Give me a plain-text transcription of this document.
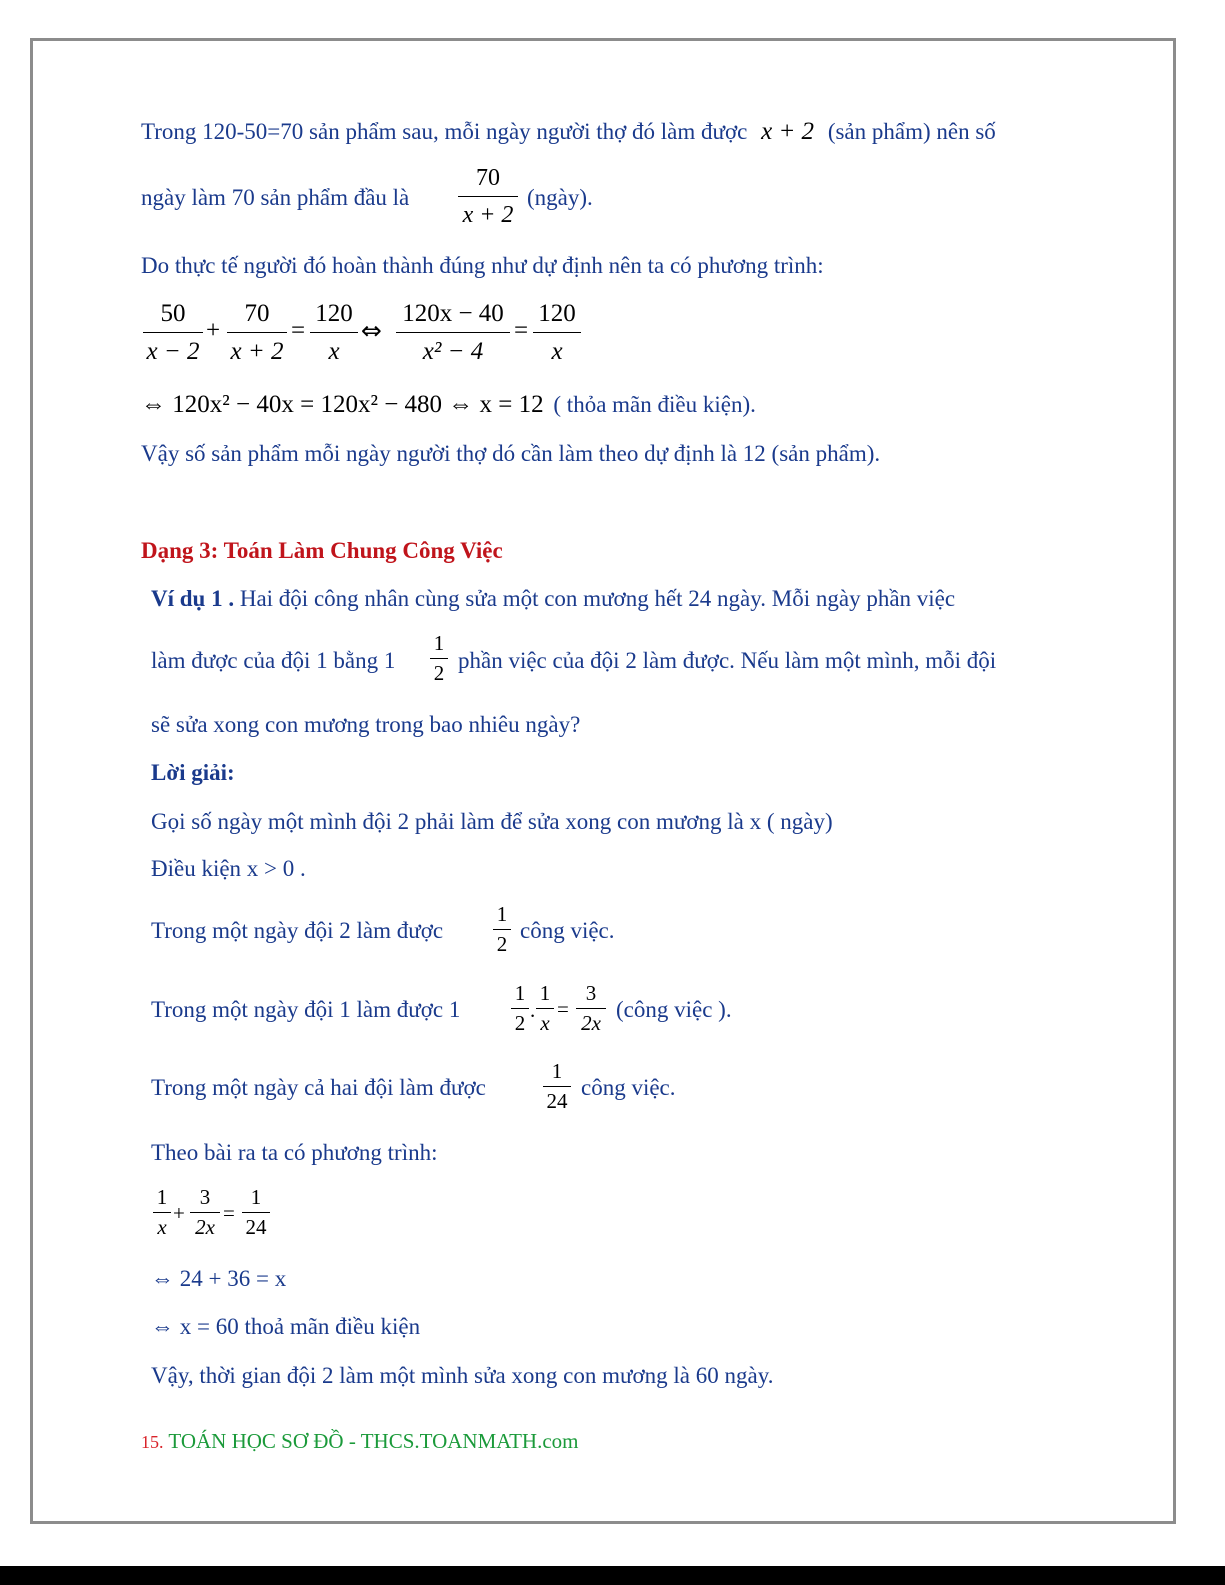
Trong 120-50=70 sản phẩm sau, mỗi ngày người thợ đó làm được x + 2 (sản phẩm) nên số
ngày làm 70 sản phẩm đầu là
70
x + 2
(ngày).
Do thực tế người đó hoàn thành đúng như dự định nên ta có phương trình:
50
x − 2
+
70
x + 2
=
120
x
⇔
120x − 40
x² − 4
=
120
x
⇔ 120x² − 40x = 120x² − 480 ⇔ x = 12 ( thỏa mãn điều kiện).
Vậy số sản phẩm mỗi ngày người thợ dó cần làm theo dự định là 12 (sản phẩm).
Dạng 3: Toán Làm Chung Công Việc
Ví dụ 1 . Hai đội công nhân cùng sửa một con mương hết 24 ngày. Mỗi ngày phần việc
làm được của đội 1 bằng 1
1
2 phần việc của đội 2 làm được. Nếu làm một mình, mỗi đội
sẽ sửa xong con mương trong bao nhiêu ngày?
Lời giải:
Gọi số ngày một mình đội 2 phải làm để sửa xong con mương là x ( ngày)
Điều kiện x > 0 .
Trong một ngày đội 2 làm được
1
2
công việc.
Trong một ngày đội 1 làm được 1
1
2
.
1
x
=
3
2x
(công việc ).
Trong một ngày cả hai đội làm được
1
24
công việc.
Theo bài ra ta có phương trình:
1
x
+
3
2x
=
1
24
⇔ 24 + 36 = x
⇔ x = 60 thoả mãn điều kiện
Vậy, thời gian đội 2 làm một mình sửa xong con mương là 60 ngày.
15. TOÁN HỌC SƠ ĐỒ - THCS.TOANMATH.com
